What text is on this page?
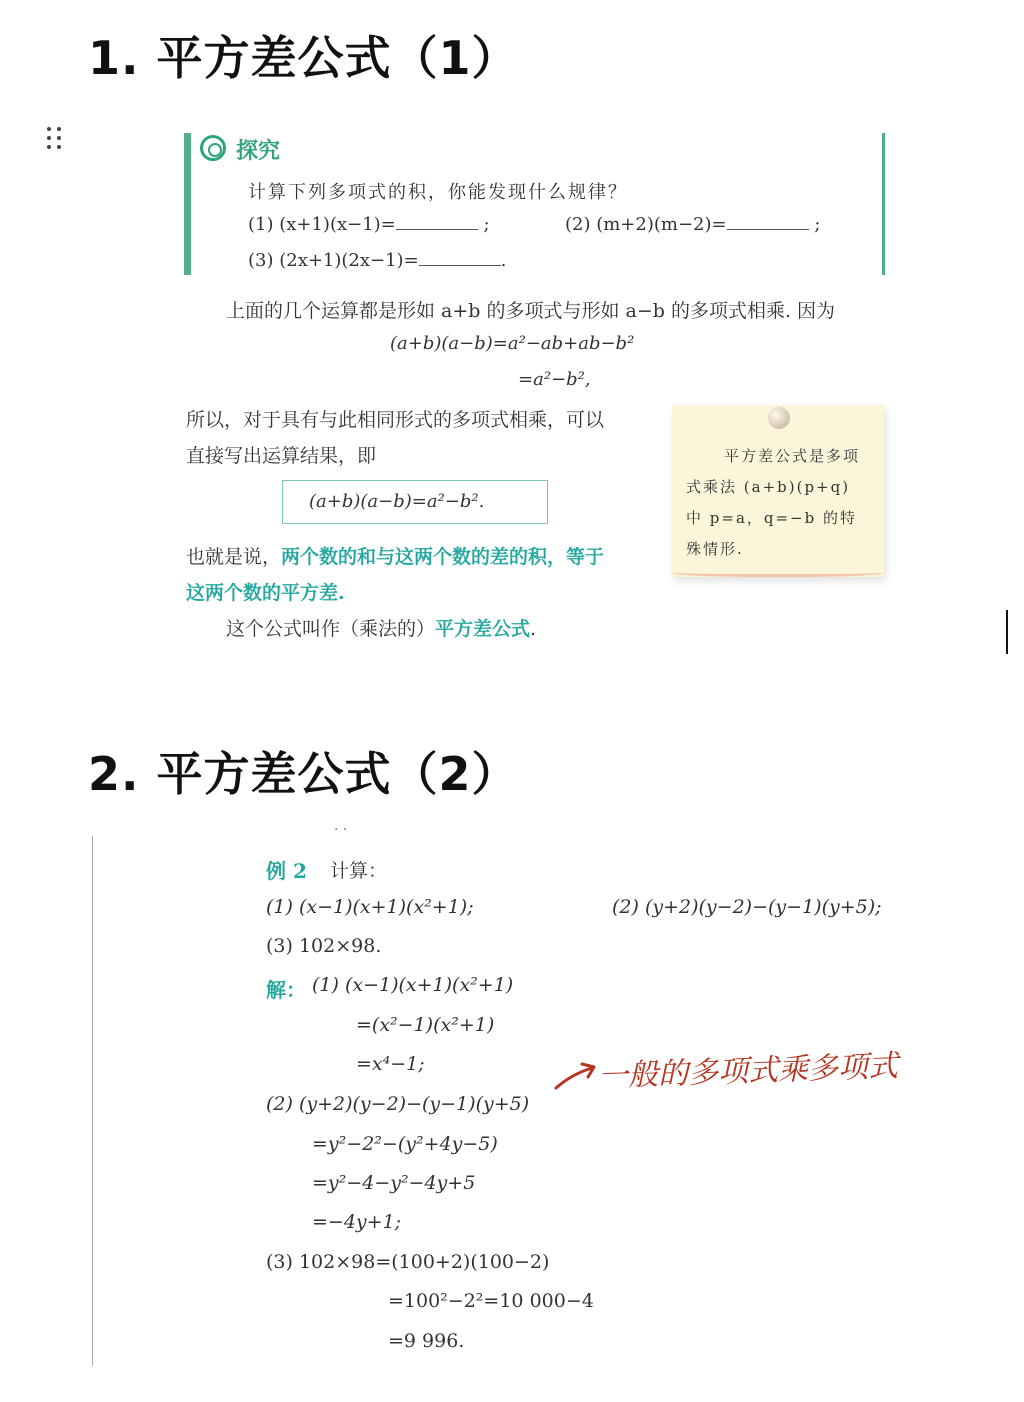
1. 平方差公式（1）
探究
计算下列多项式的积，你能发现什么规律？
(1) (x+1)(x−1)=	;	(2) (m+2)(m−2)=	;
(3) (2x+1)(2x−1)=	.
上面的几个运算都是形如 a+b 的多项式与形如 a−b 的多项式相乘. 因为
(a+b)(a−b)=a²−ab+ab−b²
=a²−b²,
所以，对于具有与此相同形式的多项式相乘，可以
直接写出运算结果，即
(a+b)(a−b)=a²−b².
也就是说，两个数的和与这两个数的差的积，等于
这两个数的平方差.
这个公式叫作（乘法的）平方差公式.
平方差公式是多项
式乘法 (a+b)(p+q)
中 p=a，q=−b 的特
殊情形.
2. 平方差公式（2）
· ·
例 2 计算：
(1) (x−1)(x+1)(x²+1);	(2) (y+2)(y−2)−(y−1)(y+5);
(3) 102×98.
解： (1) (x−1)(x+1)(x²+1)
=(x²−1)(x²+1)
=x⁴−1;	一般的多项式乘多项式
(2) (y+2)(y−2)−(y−1)(y+5)
=y²−2²−(y²+4y−5)
=y²−4−y²−4y+5
=−4y+1;
(3) 102×98=(100+2)(100−2)
=100²−2²=10 000−4
=9 996.
